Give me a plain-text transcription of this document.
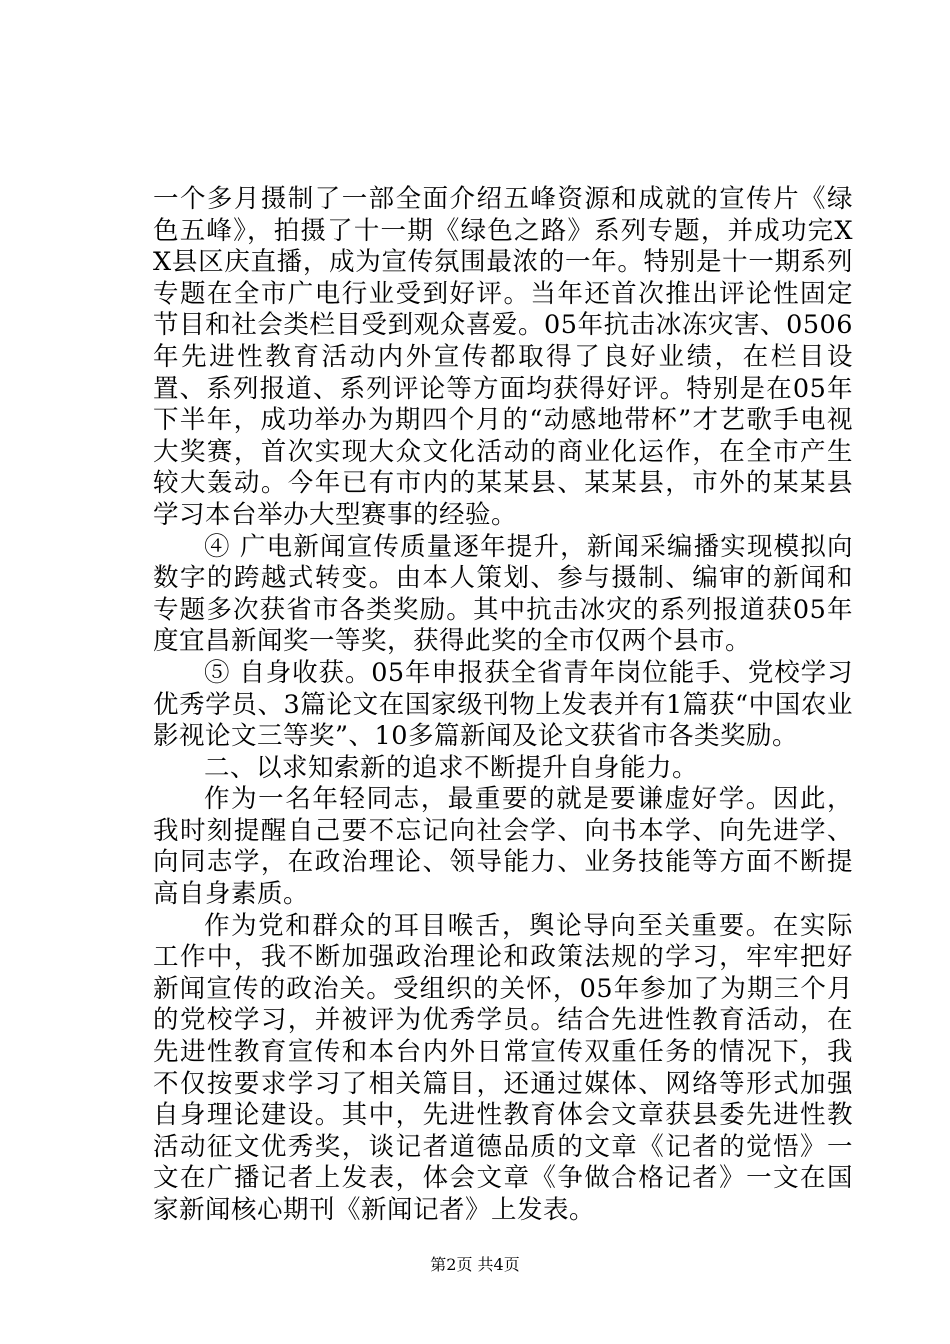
一个多月摄制了一部全面介绍五峰资源和成就的宣传片《绿色五峰》，拍摄了十一期《绿色之路》系列专题，并成功完XX县区庆直播，成为宣传氛围最浓的一年。特别是十一期系列专题在全市广电行业受到好评。当年还首次推出评论性固定节目和社会类栏目受到观众喜爱。05年抗击冰冻灾害、0506年先进性教育活动内外宣传都取得了良好业绩，在栏目设置、系列报道、系列评论等方面均获得好评。特别是在05年下半年，成功举办为期四个月的“动感地带杯”才艺歌手电视大奖赛，首次实现大众文化活动的商业化运作，在全市产生较大轰动。今年已有市内的某某县、某某县，市外的某某县学习本台举办大型赛事的经验。

④ 广电新闻宣传质量逐年提升，新闻采编播实现模拟向数字的跨越式转变。由本人策划、参与摄制、编审的新闻和专题多次获省市各类奖励。其中抗击冰灾的系列报道获05年度宜昌新闻奖一等奖，获得此奖的全市仅两个县市。

⑤ 自身收获。05年申报获全省青年岗位能手、党校学习优秀学员、3篇论文在国家级刊物上发表并有1篇获“中国农业影视论文三等奖”、10多篇新闻及论文获省市各类奖励。

二、以求知索新的追求不断提升自身能力。

作为一名年轻同志，最重要的就是要谦虚好学。因此，我时刻提醒自己要不忘记向社会学、向书本学、向先进学、向同志学，在政治理论、领导能力、业务技能等方面不断提高自身素质。

作为党和群众的耳目喉舌，舆论导向至关重要。在实际工作中，我不断加强政治理论和政策法规的学习，牢牢把好新闻宣传的政治关。受组织的关怀，05年参加了为期三个月的党校学习，并被评为优秀学员。结合先进性教育活动，在先进性教育宣传和本台内外日常宣传双重任务的情况下，我不仅按要求学习了相关篇目，还通过媒体、网络等形式加强自身理论建设。其中，先进性教育体会文章获县委先进性教活动征文优秀奖，谈记者道德品质的文章《记者的觉悟》一文在广播记者上发表，体会文章《争做合格记者》一文在国家新闻核心期刊《新闻记者》上发表。

第2页 共4页
